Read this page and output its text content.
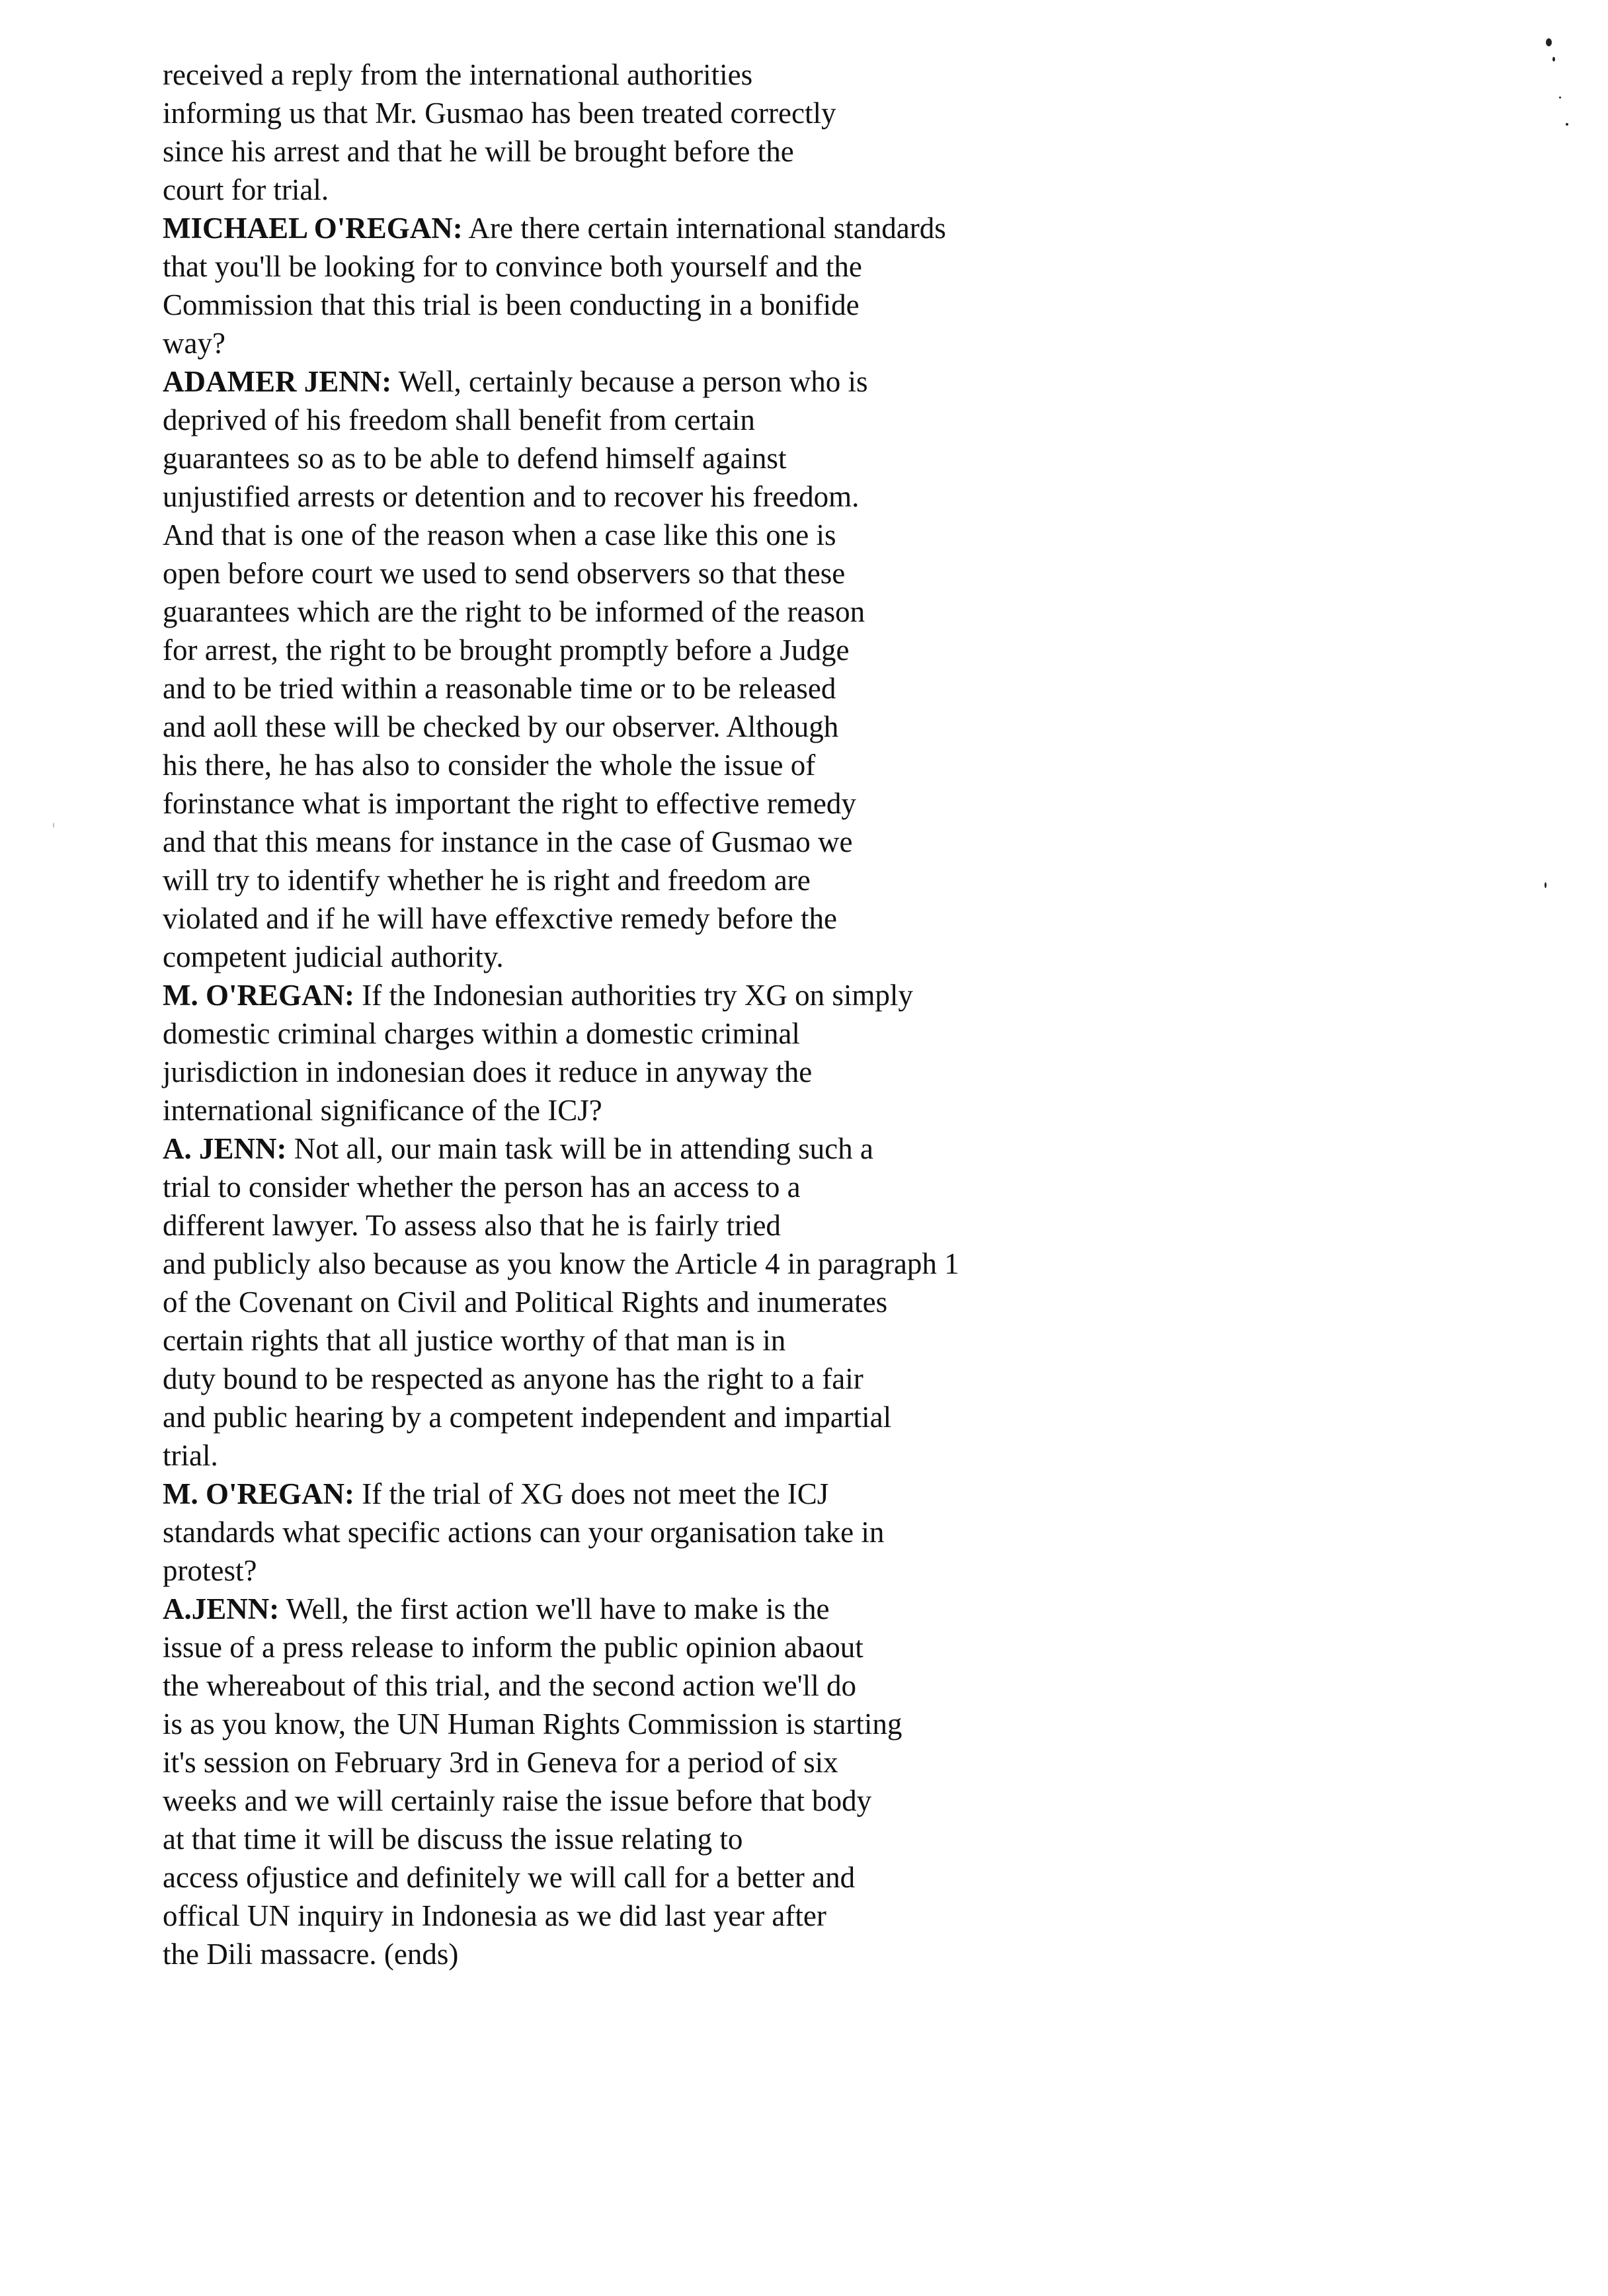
received a reply from the international authorities
informing us that Mr. Gusmao has been treated correctly
since his arrest and that he will be brought before the
court for trial.
MICHAEL O'REGAN: Are there certain international standards
that you'll be looking for to convince both yourself and the
Commission that this trial is been conducting in a bonifide
way?
ADAMER JENN: Well, certainly because a person who is
deprived of his freedom shall benefit from certain
guarantees so as to be able to defend himself against
unjustified arrests or detention and to recover his freedom.
And that is one of the reason when a case like this one is
open before court we used to send observers so that these
guarantees which are the right to be informed of the reason
for arrest, the right to be brought promptly before a Judge
and to be tried within a reasonable time or to be released
and aoll these will be checked by our observer. Although
his there, he has also to consider the whole the issue of
forinstance what is important the right to effective remedy
and that this means for instance in the case of Gusmao we
will try to identify whether he is right and freedom are
violated and if he will have effexctive remedy before the
competent judicial authority.
M. O'REGAN: If the Indonesian authorities try XG on simply
domestic criminal charges within a domestic criminal
jurisdiction in indonesian does it reduce in anyway the
international significance of the ICJ?
A. JENN: Not all, our main task will be in attending such a
trial to consider whether the person has an access to a
different lawyer. To assess also that he is fairly tried
and publicly also because as you know the Article 4 in paragraph 1
of the Covenant on Civil and Political Rights and inumerates
certain rights that all justice worthy of that man is in
duty bound to be respected as anyone has the right to a fair
and public hearing by a competent independent and impartial
trial.
M. O'REGAN: If the trial of XG does not meet the ICJ
standards what specific actions can your organisation take in
protest?
A.JENN: Well, the first action we'll have to make is the
issue of a press release to inform the public opinion abaout
the whereabout of this trial, and the second action we'll do
is as you know, the UN Human Rights Commission is starting
it's session on February 3rd in Geneva for a period of six
weeks and we will certainly raise the issue before that body
at that time it will be discuss the issue relating to
access ofjustice and definitely we will call for a better and
offical UN inquiry in Indonesia as we did last year after
the Dili massacre. (ends)
